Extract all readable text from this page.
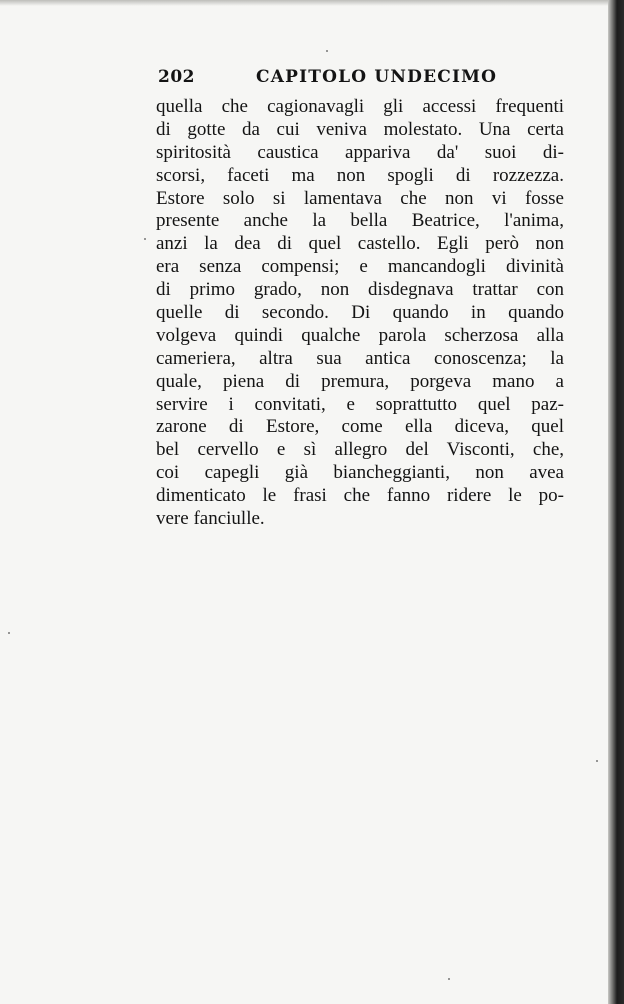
202	CAPITOLO UNDECIMO
quella che cagionavagli gli accessi frequenti
di gotte da cui veniva molestato. Una certa
spiritosità caustica appariva da' suoi di-
scorsi, faceti ma non spogli di rozzezza.
Estore solo si lamentava che non vi fosse
presente anche la bella Beatrice, l'anima,
anzi la dea di quel castello. Egli però non
era senza compensi; e mancandogli divinità
di primo grado, non disdegnava trattar con
quelle di secondo. Di quando in quando
volgeva quindi qualche parola scherzosa alla
cameriera, altra sua antica conoscenza; la
quale, piena di premura, porgeva mano a
servire i convitati, e soprattutto quel paz-
zarone di Estore, come ella diceva, quel
bel cervello e sì allegro del Visconti, che,
coi capegli già biancheggianti, non avea
dimenticato le frasi che fanno ridere le po-
vere fanciulle.
